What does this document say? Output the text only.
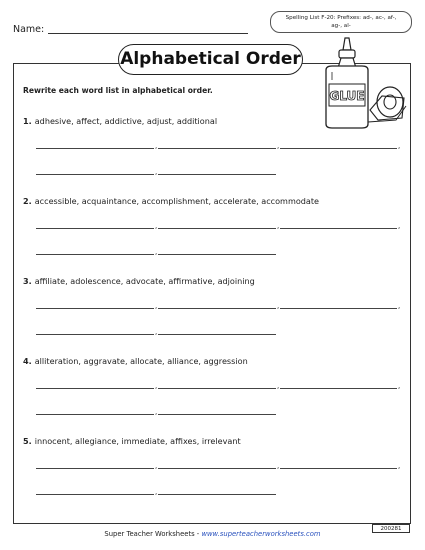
Name:
Spelling List F-20: Prefixes: ad-, ac-, af-,
ag-, al-
Alphabetical Order
GLUE
Rewrite each word list in alphabetical order.
1. adhesive, affect, addictive, adjust, additional
,	,	,
,
2. accessible, acquaintance, accomplishment, accelerate, accommodate
,	,	,
,
3. affiliate, adolescence, advocate, affirmative, adjoining
,	,	,
,
4. alliteration, aggravate, allocate, alliance, aggression
,	,	,
,
5. innocent, allegiance, immediate, affixes, irrelevant
,	,	,
,
Super Teacher Worksheets - www.superteacherworksheets.com
200281
